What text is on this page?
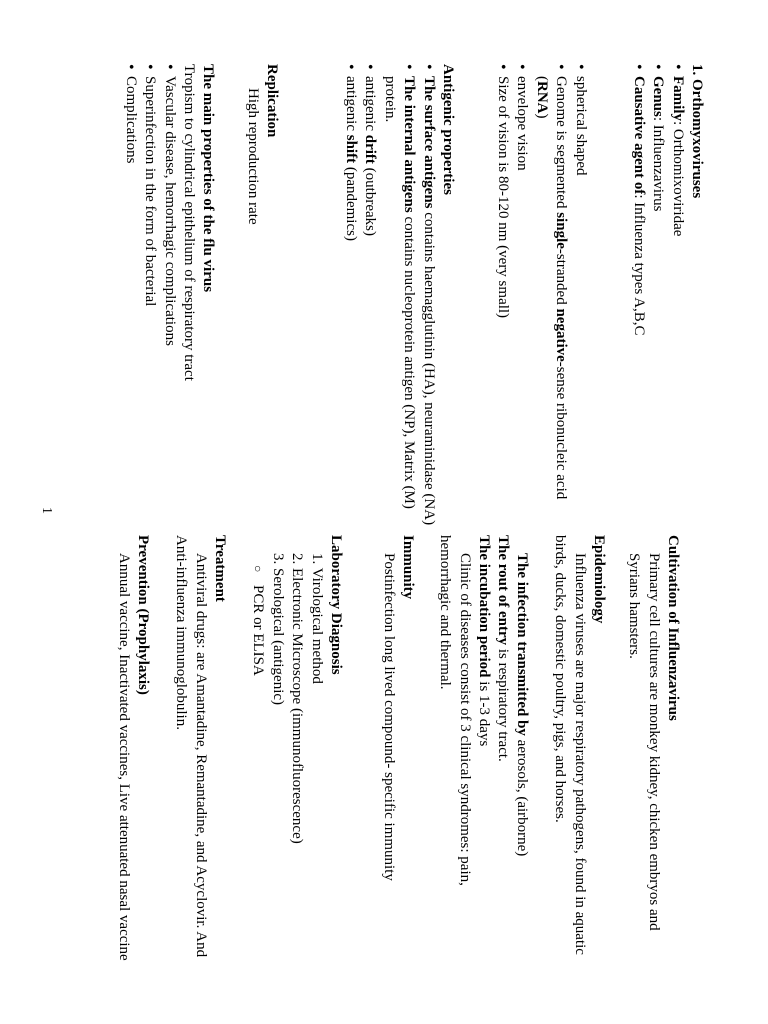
1. Orthomyxoviruses

• Family: Orthomixoviridae
• Genus: Influenzavirus
• Causative agent of: Influenza types A,B,C
• spherical shaped
• Genome is segmented single-stranded negative-sense ribonucleic acid (RNA)
• envelope vision
• Size of vision is 80-120 nm (very small)

Antigenic properties

• The surface antigens contains haemagglutinin (HA), neuraminidase (NA)
• The internal antigens contains nucleoprotein antigen (NP), Matrix (M) protein.
• antigenic drift (outbreaks)
• antigenic shift (pandemics)

Replication

High reproduction rate

The main properties of the flu virus

Tropism to cylindrical epithelium of respiratory tract

• Vascular disease, hemorrhagic complications
• Superinfection in the form of bacterial
• Complications

Cultivation of Influenzavirus

Primary cell cultures are monkey kidney, chicken embryos and Syrians hamsters.

Epidemiology

Influenza viruses are major respiratory pathogens, found in aquatic birds, ducks, domestic poultry, pigs, and horses.

The infection transmitted by aerosols, (airborne)

The rout of entry is respiratory tract.

The incubation period is 1-3 days

Clinic of diseases consist of 3 clinical syndromes: pain, hemorrhagic and thermal.

Immunity

Postinfection long lived compound- specific immunity

Laboratory Diagnosis

1. Virological method

2. Electronic Microscope (immunofluorescence)

3. Serological (antigenic)

○ PCR or ELISA

Treatment

Antiviral drugs: are Amantadine, Remantadine, and Acyclovir. And Anti-influenza immunoglobulin.

Prevention (Prophylaxis)

Annual vaccine, Inactivated vaccines, Live attenuated nasal vaccine

1
